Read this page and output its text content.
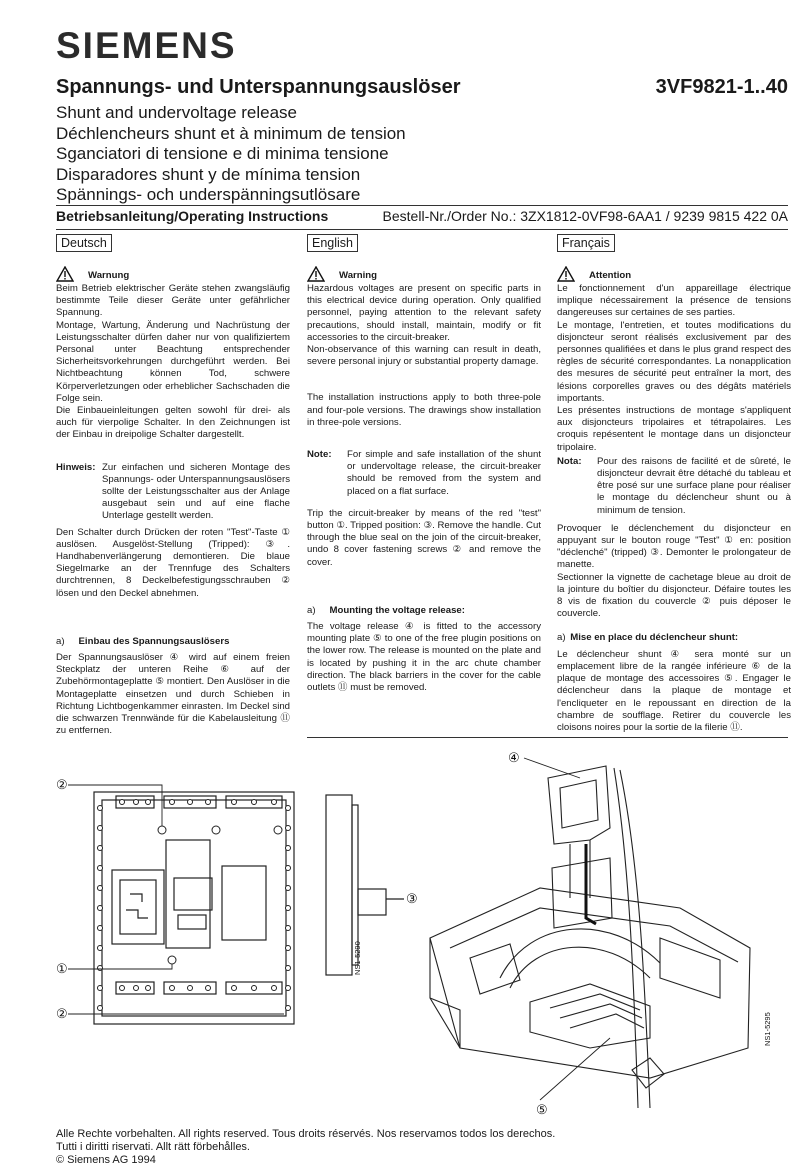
SIEMENS
Spannungs- und Unterspannungsauslöser	3VF9821-1..40
Shunt and undervoltage release
Déchlencheurs shunt et à minimum de tension
Sganciatori di tensione e di minima tensione
Disparadores shunt y de mínima tension
Spännings- och underspänningsutlösare
Betriebsanleitung/Operating Instructions	Bestell-Nr./Order No.: 3ZX1812-0VF98-6AA1 / 9239 9815 422 0A
Deutsch	English	Français
Warnung

Beim Betrieb elektrischer Geräte stehen zwangsläufig bestimmte Teile dieser Geräte unter gefährlicher Spannung.

Montage, Wartung, Änderung und Nachrüstung der Leistungsschalter dürfen daher nur von qualifiziertem Personal unter Beachtung entsprechender Sicherheitsvorkehrungen durchgeführt werden. Bei Nichtbeachtung können Tod, schwere Körperverletzungen oder erheblicher Sachschaden die Folge sein.

Die Einbaueinleitungen gelten sowohl für drei- als auch für vierpolige Schalter. In den Zeichnungen ist der Einbau in dreipolige Schalter dargestellt.

Hinweis: Zur einfachen und sicheren Montage des Spannungs- oder Unterspannungsauslösers sollte der Leistungsschalter aus der Anlage ausgebaut sein und auf eine flache Unterlage gestellt werden.

Den Schalter durch Drücken der roten "Test"-Taste ① auslösen. Ausgelöst-Stellung (Tripped): ③. Handhabenverlängerung demontieren. Die blaue Siegelmarke an der Trennfuge des Schalters durchtrennen, 8 Deckelbefestigungsschrauben ② lösen und den Deckel abnehmen.

a) Einbau des Spannungsauslösers

Der Spannungsauslöser ④ wird auf einem freien Steckplatz der unteren Reihe ⑥ auf der Zubehörmontageplatte ⑤ montiert. Den Auslöser in die Montageplatte einsetzen und durch Schieben in Richtung Lichtbogenkammer einrasten. Im Deckel sind die schwarzen Trennwände für die Kabelausleitung ⑪ zu entfernen.

Warning

Hazardous voltages are present on specific parts in this electrical device during operation. Only qualified personnel, paying attention to the relevant safety precautions, should install, maintain, modify or fit accessories to the circuit-breaker.

Non-observance of this warning can result in death, severe personal injury or substantial property damage.

The installation instructions apply to both three-pole and four-pole versions. The drawings show installation in three-pole versions.

Note:	For simple and safe installation of the shunt or undervoltage release, the circuit-breaker should be removed from the system and placed on a flat surface.

Trip the circuit-breaker by means of the red "test" button ①. Tripped position: ③. Remove the handle. Cut through the blue seal on the join of the circuit-breaker, undo 8 cover fastening screws ② and remove the cover.

a) Mounting the voltage release:

The voltage release ④ is fitted to the accessory mounting plate ⑤ to one of the free plugin positions on the lower row. The release is mounted on the plate and is located by pushing it in the arc chute chamber direction. The black barriers in the cover for the cable outlets ⑪ must be removed.

Attention

Le fonctionnement d'un appareillage électrique implique nécessairement la présence de tensions dangereuses sur certaines de ses parties.

Le montage, l'entretien, et toutes modifications du disjoncteur seront réalisés exclusivement par des personnes qualifiées et dans le plus grand respect des règles de sécurité correspondantes. La nonapplication des mesures de sécurité peut entraîner la mort, des lésions corporelles graves ou des dégâts matériels importants.

Les présentes instructions de montage s'appliquent aux disjoncteurs tripolaires et tétrapolaires. Les croquis repésentent le montage dans un disjoncteur tripolaire.

Nota:	Pour des raisons de facilité et de sûreté, le disjoncteur devrait être détaché du tableau et être posé sur une surface plane pour réaliser le montage du déclencheur shunt ou à minimum de tension.

Provoquer le déclenchement du disjoncteur en appuyant sur le bouton rouge "Test" ① en: position "déclenché" (tripped) ③. Demonter le prolongateur de manette.

Sectionner la vignette de cachetage bleue au droit de la jointure du boîtier du disjoncteur. Défaire toutes les 8 vis de fixation du couvercle ② puis déposer le couvercle.

a) Mise en place du déclencheur shunt:

Le déclencheur shunt ④ sera monté sur un emplacement libre de la rangée inférieure ⑥ de la plaque de montage des accessoires ⑤. Engager le déclencheur dans la plaque de montage et l'encliqueter en le repoussant en direction de la chambre de soufflage. Retirer du couvercle les cloisons noires pour la sortie de la filerie ⑪.

②
①
②
③
NS1-5290
④
⑤
NS1-5295
Alle Rechte vorbehalten. All rights reserved. Tous droits réservés. Nos reservamos todos los derechos.
Tutti i diritti riservati. Allt rätt förbehålles.
© Siemens AG 1994
